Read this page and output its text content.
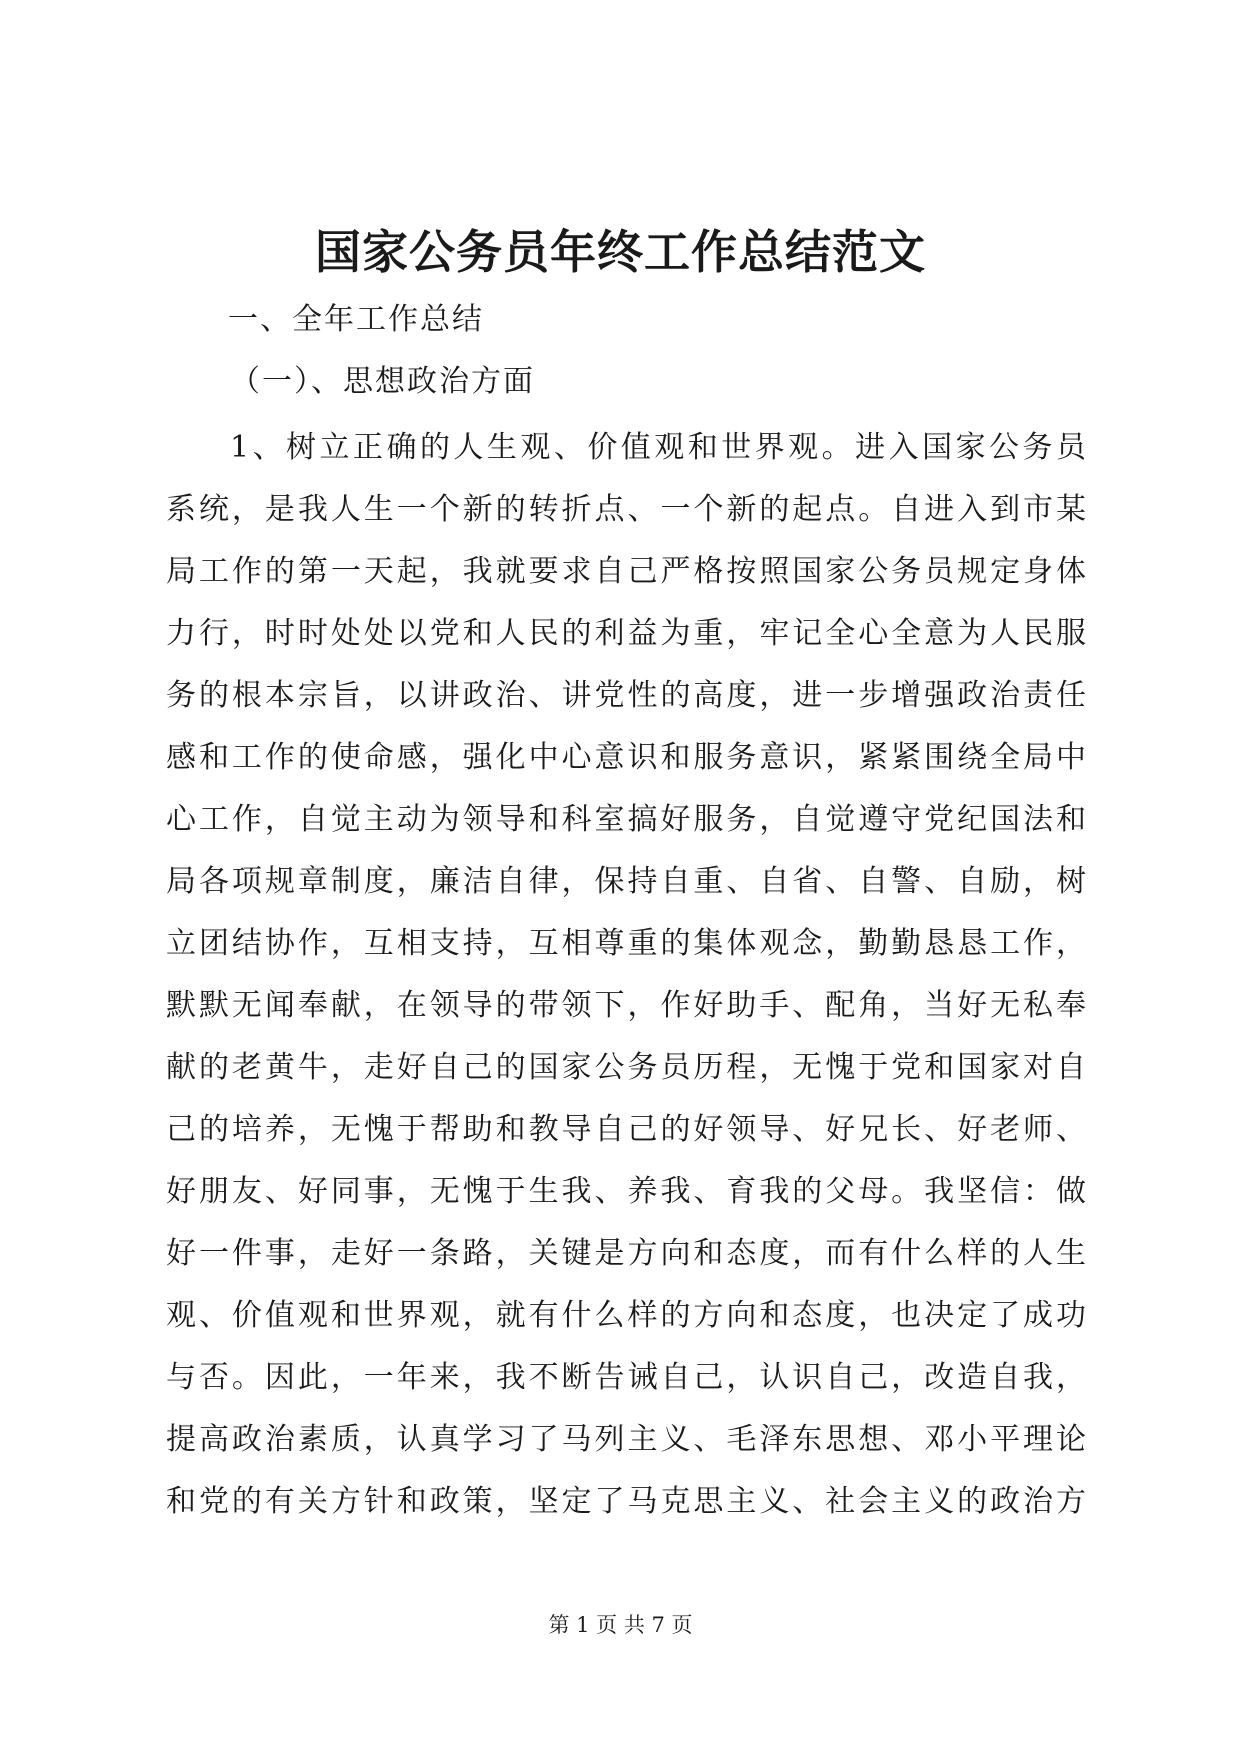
国家公务员年终工作总结范文
一、全年工作总结
（一）、思想政治方面
1、树立正确的人生观、价值观和世界观。进入国家公务员
系统，是我人生一个新的转折点、一个新的起点。自进入到市某
局工作的第一天起，我就要求自己严格按照国家公务员规定身体
力行，时时处处以党和人民的利益为重，牢记全心全意为人民服
务的根本宗旨，以讲政治、讲党性的高度，进一步增强政治责任
感和工作的使命感，强化中心意识和服务意识，紧紧围绕全局中
心工作，自觉主动为领导和科室搞好服务，自觉遵守党纪国法和
局各项规章制度，廉洁自律，保持自重、自省、自警、自励，树
立团结协作，互相支持，互相尊重的集体观念，勤勤恳恳工作，
默默无闻奉献，在领导的带领下，作好助手、配角，当好无私奉
献的老黄牛，走好自己的国家公务员历程，无愧于党和国家对自
己的培养，无愧于帮助和教导自己的好领导、好兄长、好老师、
好朋友、好同事，无愧于生我、养我、育我的父母。我坚信：做
好一件事，走好一条路，关键是方向和态度，而有什么样的人生
观、价值观和世界观，就有什么样的方向和态度，也决定了成功
与否。因此，一年来，我不断告诫自己，认识自己，改造自我，
提高政治素质，认真学习了马列主义、毛泽东思想、邓小平理论
和党的有关方针和政策，坚定了马克思主义、社会主义的政治方
第 1 页 共 7 页
